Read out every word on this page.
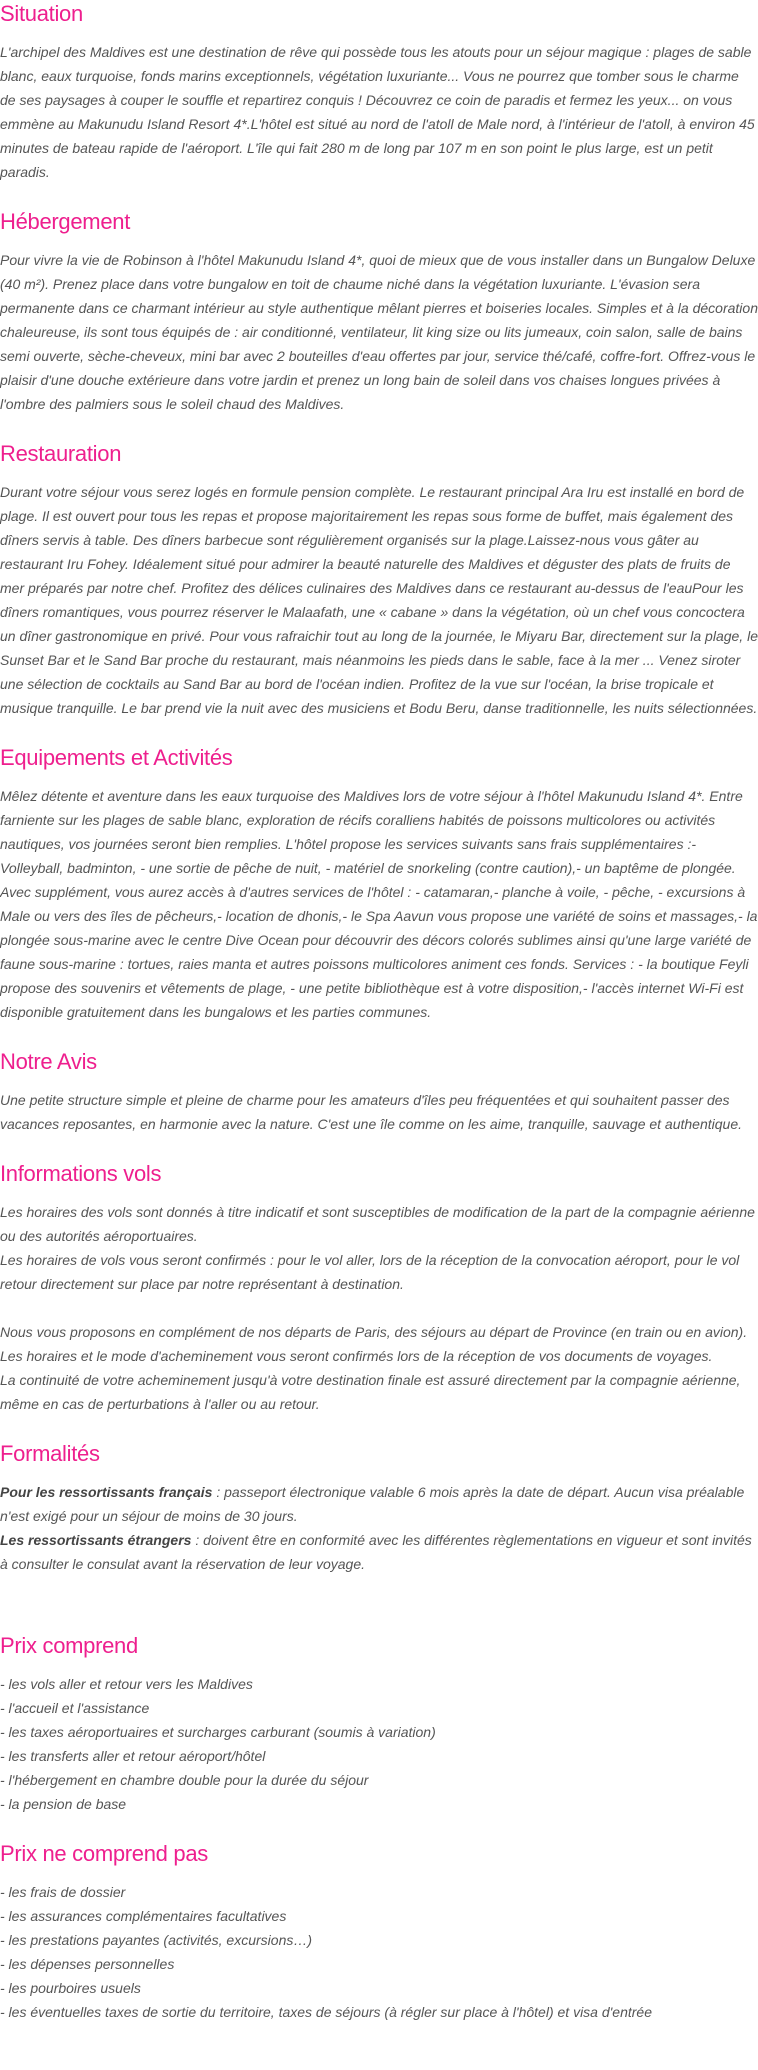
Situation

L'archipel des Maldives est une destination de rêve qui possède tous les atouts pour un séjour magique : plages de sable blanc, eaux turquoise, fonds marins exceptionnels, végétation luxuriante... Vous ne pourrez que tomber sous le charme de ses paysages à couper le souffle et repartirez conquis ! Découvrez ce coin de paradis et fermez les yeux... on vous emmène au Makunudu Island Resort 4*.L'hôtel est situé au nord de l'atoll de Male nord, à l'intérieur de l'atoll, à environ 45 minutes de bateau rapide de l'aéroport. L'île qui fait 280 m de long par 107 m en son point le plus large, est un petit paradis.

Hébergement

Pour vivre la vie de Robinson à l'hôtel Makunudu Island 4*, quoi de mieux que de vous installer dans un Bungalow Deluxe (40 m²). Prenez place dans votre bungalow en toit de chaume niché dans la végétation luxuriante. L'évasion sera permanente dans ce charmant intérieur au style authentique mêlant pierres et boiseries locales. Simples et à la décoration chaleureuse, ils sont tous équipés de : air conditionné, ventilateur, lit king size ou lits jumeaux, coin salon, salle de bains semi ouverte, sèche-cheveux, mini bar avec 2 bouteilles d'eau offertes par jour, service thé/café, coffre-fort. Offrez-vous le plaisir d'une douche extérieure dans votre jardin et prenez un long bain de soleil dans vos chaises longues privées à l'ombre des palmiers sous le soleil chaud des Maldives.

Restauration

Durant votre séjour vous serez logés en formule pension complète. Le restaurant principal Ara Iru est installé en bord de plage. Il est ouvert pour tous les repas et propose majoritairement les repas sous forme de buffet, mais également des dîners servis à table. Des dîners barbecue sont régulièrement organisés sur la plage.Laissez-nous vous gâter au restaurant Iru Fohey. Idéalement situé pour admirer la beauté naturelle des Maldives et déguster des plats de fruits de mer préparés par notre chef. Profitez des délices culinaires des Maldives dans ce restaurant au-dessus de l'eauPour les dîners romantiques, vous pourrez réserver le Malaafath, une « cabane » dans la végétation, où un chef vous concoctera un dîner gastronomique en privé. Pour vous rafraichir tout au long de la journée, le Miyaru Bar, directement sur la plage, le Sunset Bar et le Sand Bar proche du restaurant, mais néanmoins les pieds dans le sable, face à la mer ... Venez siroter une sélection de cocktails au Sand Bar au bord de l'océan indien. Profitez de la vue sur l'océan, la brise tropicale et musique tranquille. Le bar prend vie la nuit avec des musiciens et Bodu Beru, danse traditionnelle, les nuits sélectionnées.

Equipements et Activités

Mêlez détente et aventure dans les eaux turquoise des Maldives lors de votre séjour à l'hôtel Makunudu Island 4*. Entre farniente sur les plages de sable blanc, exploration de récifs coralliens habités de poissons multicolores ou activités nautiques, vos journées seront bien remplies. L'hôtel propose les services suivants sans frais supplémentaires :- Volleyball, badminton, - une sortie de pêche de nuit, - matériel de snorkeling (contre caution),- un baptême de plongée. Avec supplément, vous aurez accès à d'autres services de l'hôtel : - catamaran,- planche à voile, - pêche, - excursions à Male ou vers des îles de pêcheurs,- location de dhonis,- le Spa Aavun vous propose une variété de soins et massages,- la plongée sous-marine avec le centre Dive Ocean pour découvrir des décors colorés sublimes ainsi qu'une large variété de faune sous-marine : tortues, raies manta et autres poissons multicolores animent ces fonds. Services : - la boutique Feyli propose des souvenirs et vêtements de plage, - une petite bibliothèque est à votre disposition,- l'accès internet Wi-Fi est disponible gratuitement dans les bungalows et les parties communes.

Notre Avis

Une petite structure simple et pleine de charme pour les amateurs d'îles peu fréquentées et qui souhaitent passer des vacances reposantes, en harmonie avec la nature. C'est une île comme on les aime, tranquille, sauvage et authentique.

Informations vols

Les horaires des vols sont donnés à titre indicatif et sont susceptibles de modification de la part de la compagnie aérienne ou des autorités aéroportuaires.

Les horaires de vols vous seront confirmés : pour le vol aller, lors de la réception de la convocation aéroport, pour le vol retour directement sur place par notre représentant à destination.

Nous vous proposons en complément de nos départs de Paris, des séjours au départ de Province (en train ou en avion).

Les horaires et le mode d'acheminement vous seront confirmés lors de la réception de vos documents de voyages.

La continuité de votre acheminement jusqu'à votre destination finale est assuré directement par la compagnie aérienne, même en cas de perturbations à l'aller ou au retour.

Formalités

Pour les ressortissants français : passeport électronique valable 6 mois après la date de départ. Aucun visa préalable n'est exigé pour un séjour de moins de 30 jours.

Les ressortissants étrangers : doivent être en conformité avec les différentes règlementations en vigueur et sont invités à consulter le consulat avant la réservation de leur voyage.

Prix comprend
- les vols aller et retour vers les Maldives
- l'accueil et l'assistance
- les taxes aéroportuaires et surcharges carburant (soumis à variation)
- les transferts aller et retour aéroport/hôtel
- l'hébergement en chambre double pour la durée du séjour
- la pension de base
Prix ne comprend pas
- les frais de dossier
- les assurances complémentaires facultatives
- les prestations payantes (activités, excursions…)
- les dépenses personnelles
- les pourboires usuels
- les éventuelles taxes de sortie du territoire, taxes de séjours (à régler sur place à l'hôtel) et visa d'entrée
